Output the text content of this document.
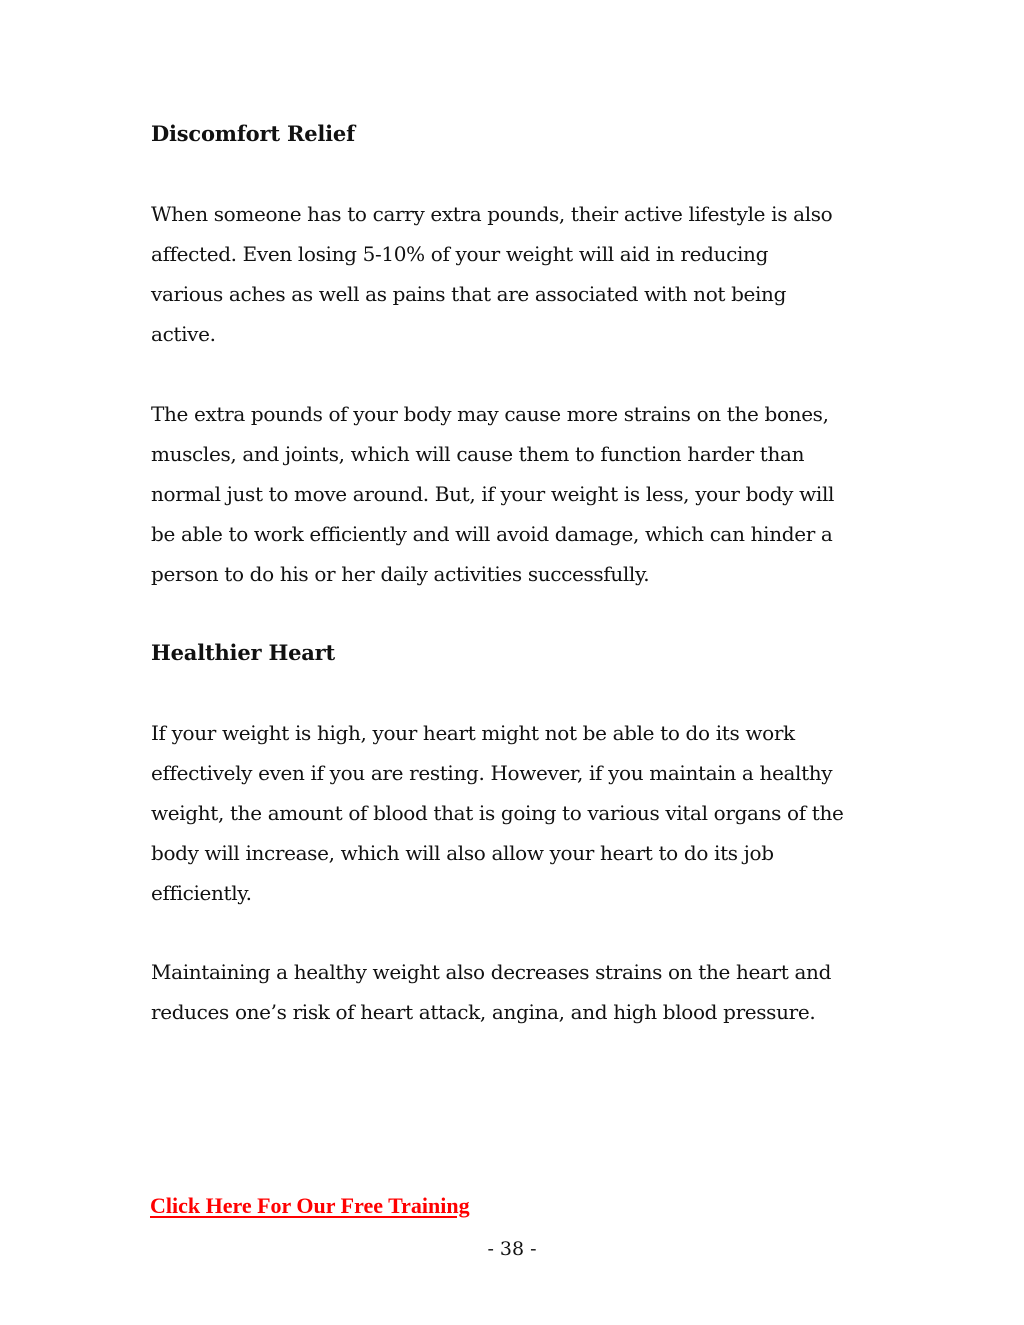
Discomfort Relief

When someone has to carry extra pounds, their active lifestyle is also
affected. Even losing 5-10% of your weight will aid in reducing
various aches as well as pains that are associated with not being
active.

The extra pounds of your body may cause more strains on the bones,
muscles, and joints, which will cause them to function harder than
normal just to move around. But, if your weight is less, your body will
be able to work efficiently and will avoid damage, which can hinder a
person to do his or her daily activities successfully.

Healthier Heart

If your weight is high, your heart might not be able to do its work
effectively even if you are resting. However, if you maintain a healthy
weight, the amount of blood that is going to various vital organs of the
body will increase, which will also allow your heart to do its job
efficiently.

Maintaining a healthy weight also decreases strains on the heart and
reduces one’s risk of heart attack, angina, and high blood pressure.

Click Here For Our Free Training
- 38 -
